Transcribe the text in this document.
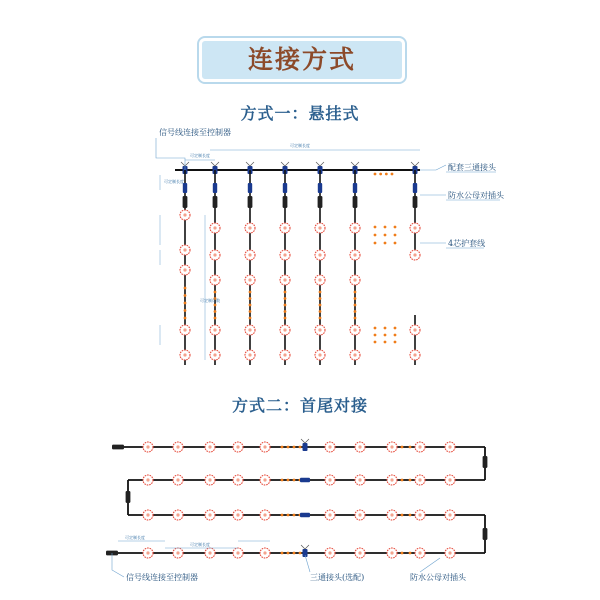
连接方式
方式一：悬挂式
方式二：首尾对接
信号线连接至控制器
配套三通接头
防水公母对插头
4芯护套线
可定制长度
可定制长度
可定制长度
可定制灯数
信号线连接至控制器	三通接头(选配)	防水公母对插头
可定制长度
可定制长度
